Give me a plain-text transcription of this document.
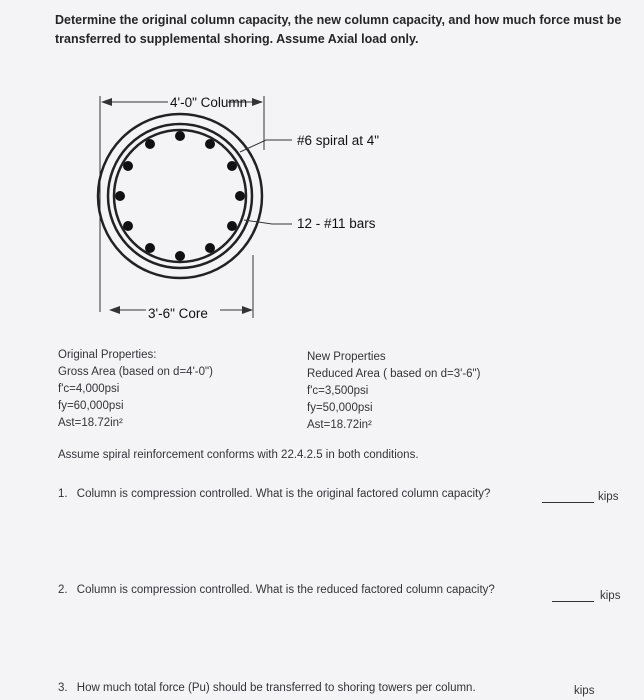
Determine the original column capacity, the new column capacity, and how much force must be transferred to supplemental shoring. Assume Axial load only.
4'-0" Column
3'-6" Core
#6 spiral at 4"
12 - #11 bars
Original Properties:
Gross Area (based on d=4'-0")
f'c=4,000psi
fy=60,000psi
Ast=18.72in²
New Properties
Reduced Area ( based on d=3'-6")
f'c=3,500psi
fy=50,000psi
Ast=18.72in²
Assume spiral reinforcement conforms with 22.4.2.5 in both conditions.
1. Column is compression controlled. What is the original factored column capacity?	kips
2. Column is compression controlled. What is the reduced factored column capacity?	kips
3. How much total force (Pu) should be transferred to shoring towers per column.	kips
